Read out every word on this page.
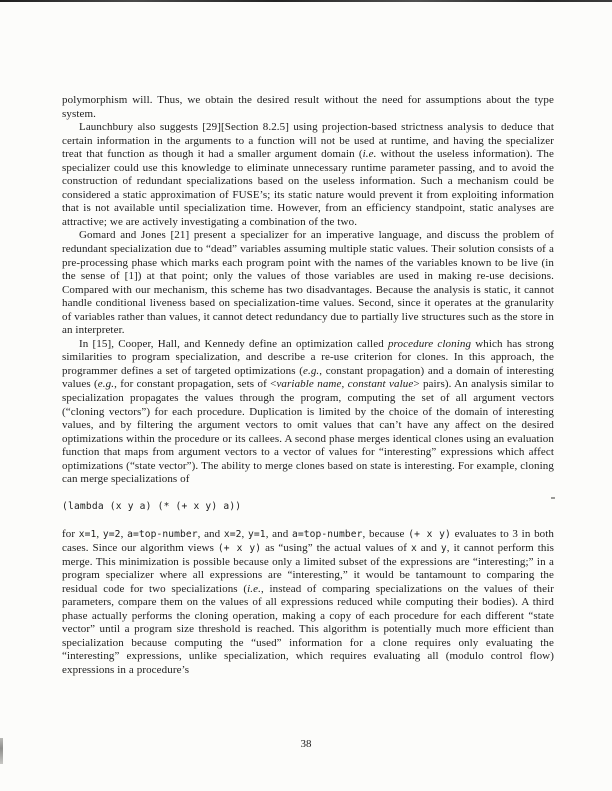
polymorphism will. Thus, we obtain the desired result without the need for assumptions about the type system.

Launchbury also suggests [29][Section 8.2.5] using projection-based strictness analysis to deduce that certain information in the arguments to a function will not be used at runtime, and having the specializer treat that function as though it had a smaller argument domain (i.e. without the useless information). The specializer could use this knowledge to eliminate unnecessary runtime parameter passing, and to avoid the construction of redundant specializations based on the useless information. Such a mechanism could be considered a static approximation of FUSE’s; its static nature would prevent it from exploiting information that is not available until specialization time. However, from an efficiency standpoint, static analyses are attractive; we are actively investigating a combination of the two.

Gomard and Jones [21] present a specializer for an imperative language, and discuss the problem of redundant specialization due to “dead” variables assuming multiple static values. Their solution consists of a pre-processing phase which marks each program point with the names of the variables known to be live (in the sense of [1]) at that point; only the values of those variables are used in making re-use decisions. Compared with our mechanism, this scheme has two disadvantages. Because the analysis is static, it cannot handle conditional liveness based on specialization-time values. Second, since it operates at the granularity of variables rather than values, it cannot detect redundancy due to partially live structures such as the store in an interpreter.

In [15], Cooper, Hall, and Kennedy define an optimization called procedure cloning which has strong similarities to program specialization, and describe a re-use criterion for clones. In this approach, the programmer defines a set of targeted optimizations (e.g., constant propagation) and a domain of interesting values (e.g., for constant propagation, sets of <variable name, constant value> pairs). An analysis similar to specialization propagates the values through the program, computing the set of all argument vectors (“cloning vectors”) for each procedure. Duplication is limited by the choice of the domain of interesting values, and by filtering the argument vectors to omit values that can’t have any affect on the desired optimizations within the procedure or its callees. A second phase merges identical clones using an evaluation function that maps from argument vectors to a vector of values for “interesting” expressions which affect optimizations (“state vector”). The ability to merge clones based on state is interesting. For example, cloning can merge specializations of

(lambda (x y a) (* (+ x y) a))

for x=1, y=2, a=top-number, and x=2, y=1, and a=top-number, because (+ x y) evaluates to 3 in both cases. Since our algorithm views (+ x y) as “using” the actual values of x and y, it cannot perform this merge. This minimization is possible because only a limited subset of the expressions are “interesting;” in a program specializer where all expressions are “interesting,” it would be tantamount to comparing the residual code for two specializations (i.e., instead of comparing specializations on the values of their parameters, compare them on the values of all expressions reduced while computing their bodies). A third phase actually performs the cloning operation, making a copy of each procedure for each different “state vector” until a program size threshold is reached. This algorithm is potentially much more efficient than specialization because computing the “used” information for a clone requires only evaluating the “interesting” expressions, unlike specialization, which requires evaluating all (modulo control flow) expressions in a procedure’s

38
